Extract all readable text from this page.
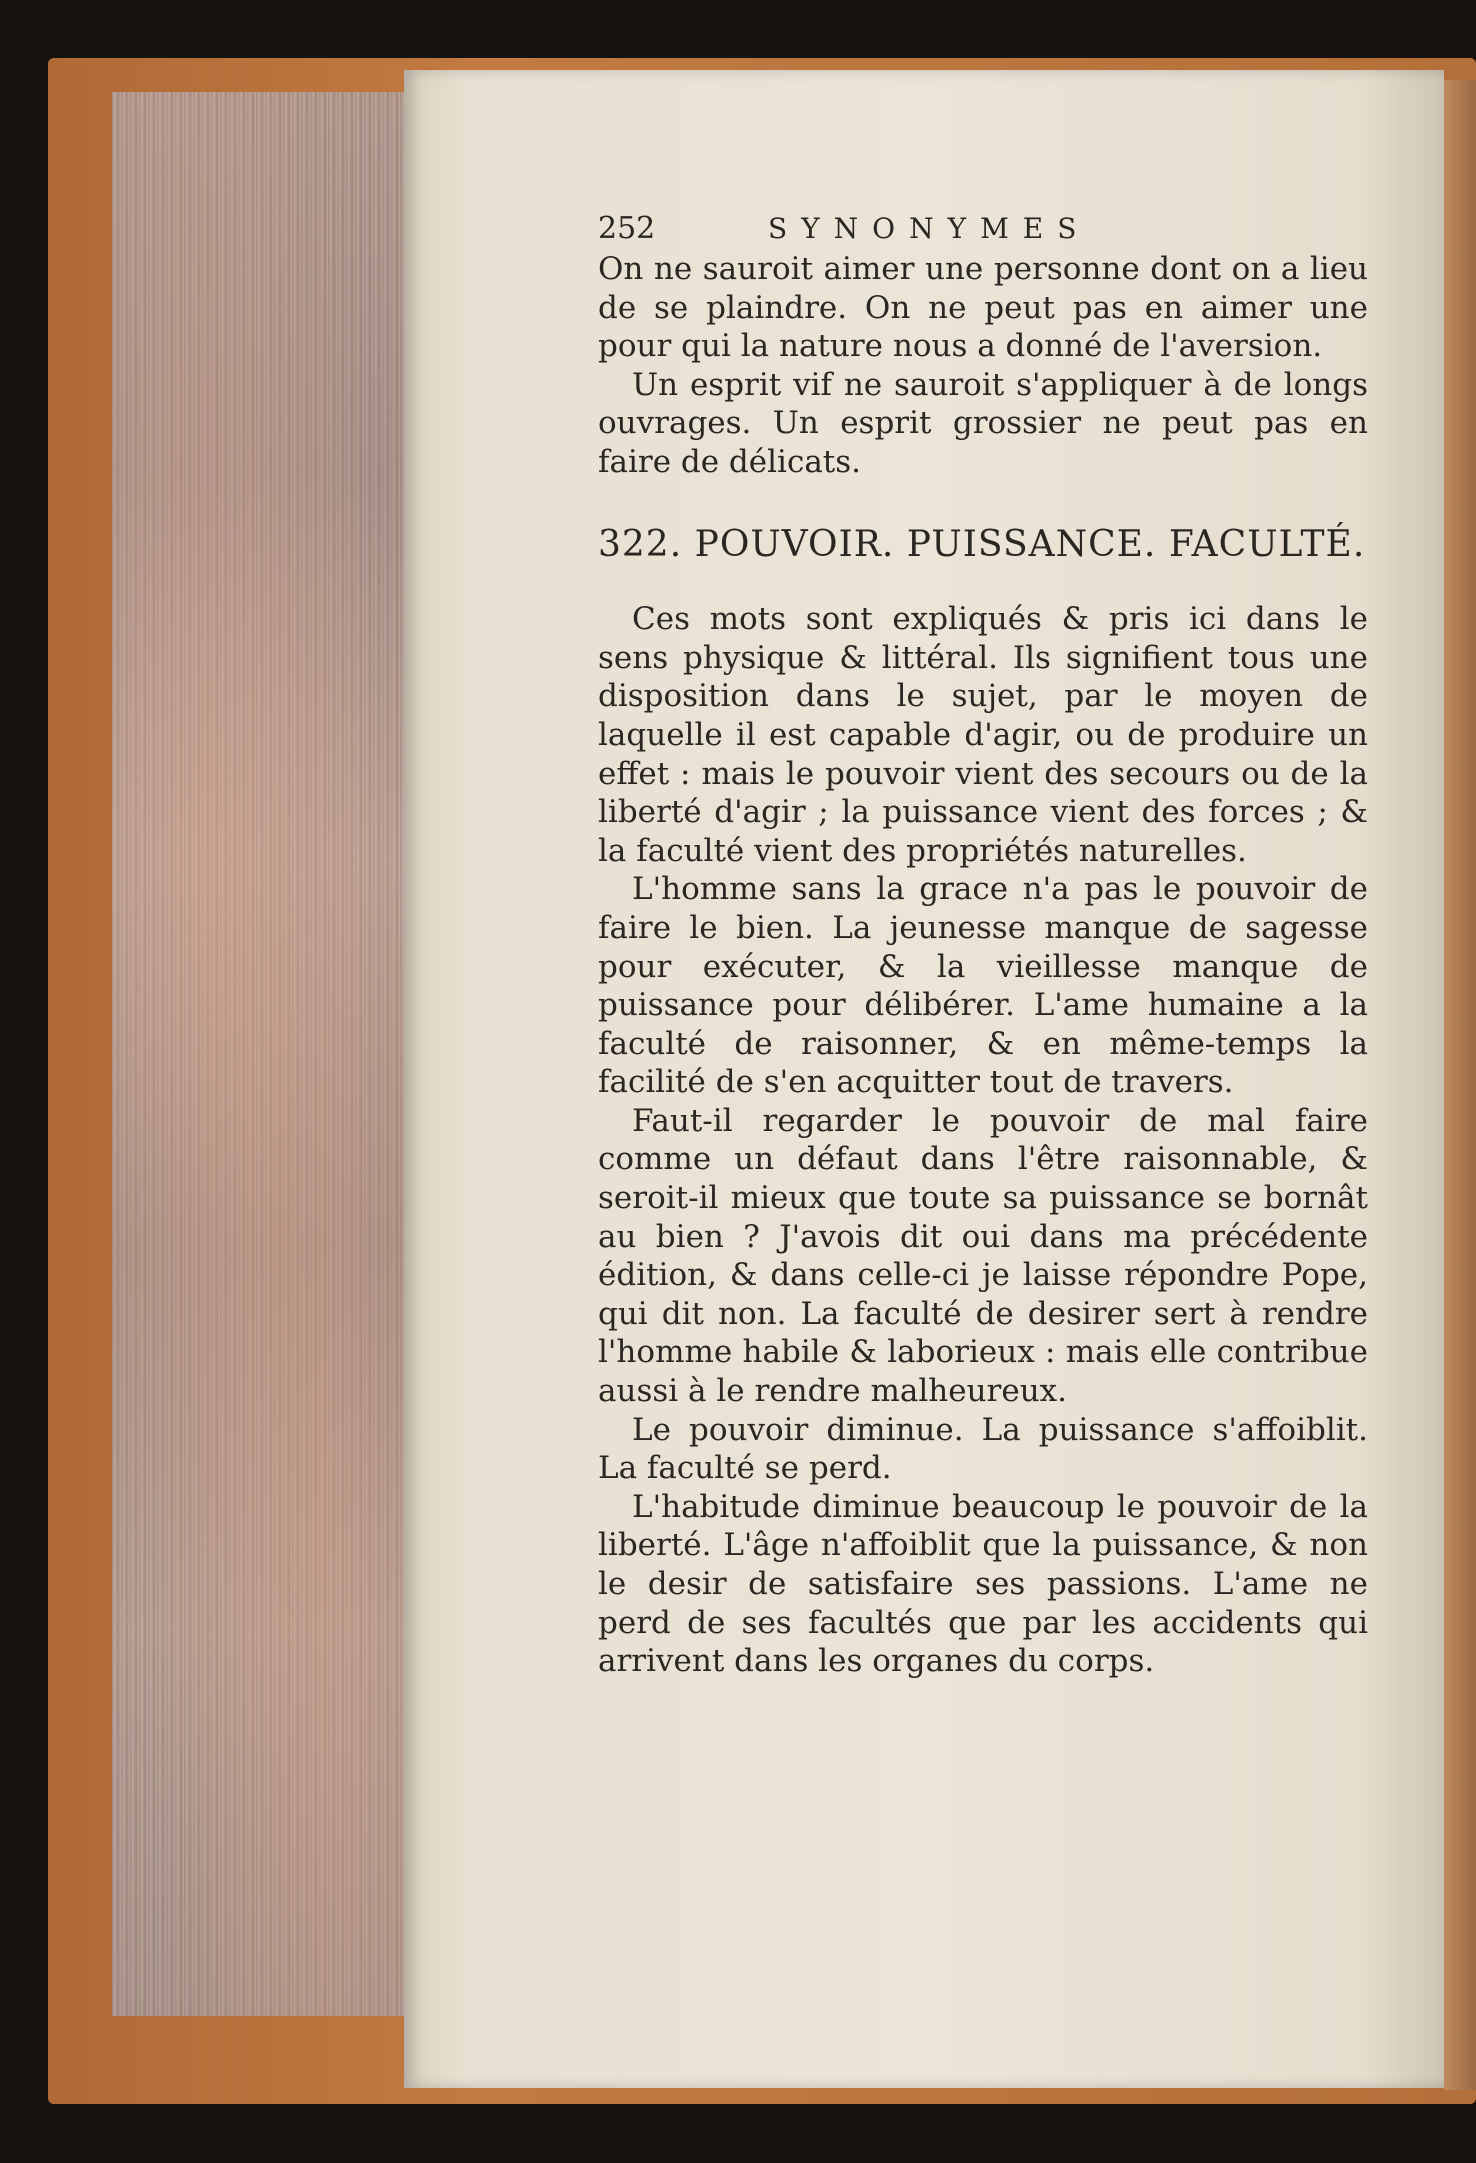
252	SYNONYMES

On ne sauroit aimer une personne dont on a lieu de se plaindre. On ne peut pas en aimer une pour qui la nature nous a donné de l'aversion.

Un esprit vif ne sauroit s'appliquer à de longs ouvrages. Un esprit grossier ne peut pas en faire de délicats.

322. POUVOIR. PUISSANCE. FACULTÉ.

Ces mots sont expliqués & pris ici dans le sens physique & littéral. Ils signifient tous une disposition dans le sujet, par le moyen de laquelle il est capable d'agir, ou de produire un effet : mais le pouvoir vient des secours ou de la liberté d'agir ; la puissance vient des forces ; & la faculté vient des propriétés naturelles.

L'homme sans la grace n'a pas le pouvoir de faire le bien. La jeunesse manque de sagesse pour exécuter, & la vieillesse manque de puissance pour délibérer. L'ame humaine a la faculté de raisonner, & en même-temps la facilité de s'en acquitter tout de travers.

Faut-il regarder le pouvoir de mal faire comme un défaut dans l'être raisonnable, & seroit-il mieux que toute sa puissance se bornât au bien ? J'avois dit oui dans ma précédente édition, & dans celle-ci je laisse répondre Pope, qui dit non. La faculté de desirer sert à rendre l'homme habile & laborieux : mais elle contribue aussi à le rendre malheureux.

Le pouvoir diminue. La puissance s'affoiblit. La faculté se perd.

L'habitude diminue beaucoup le pouvoir de la liberté. L'âge n'affoiblit que la puissance, & non le desir de satisfaire ses passions. L'ame ne perd de ses facultés que par les accidents qui arrivent dans les organes du corps.
